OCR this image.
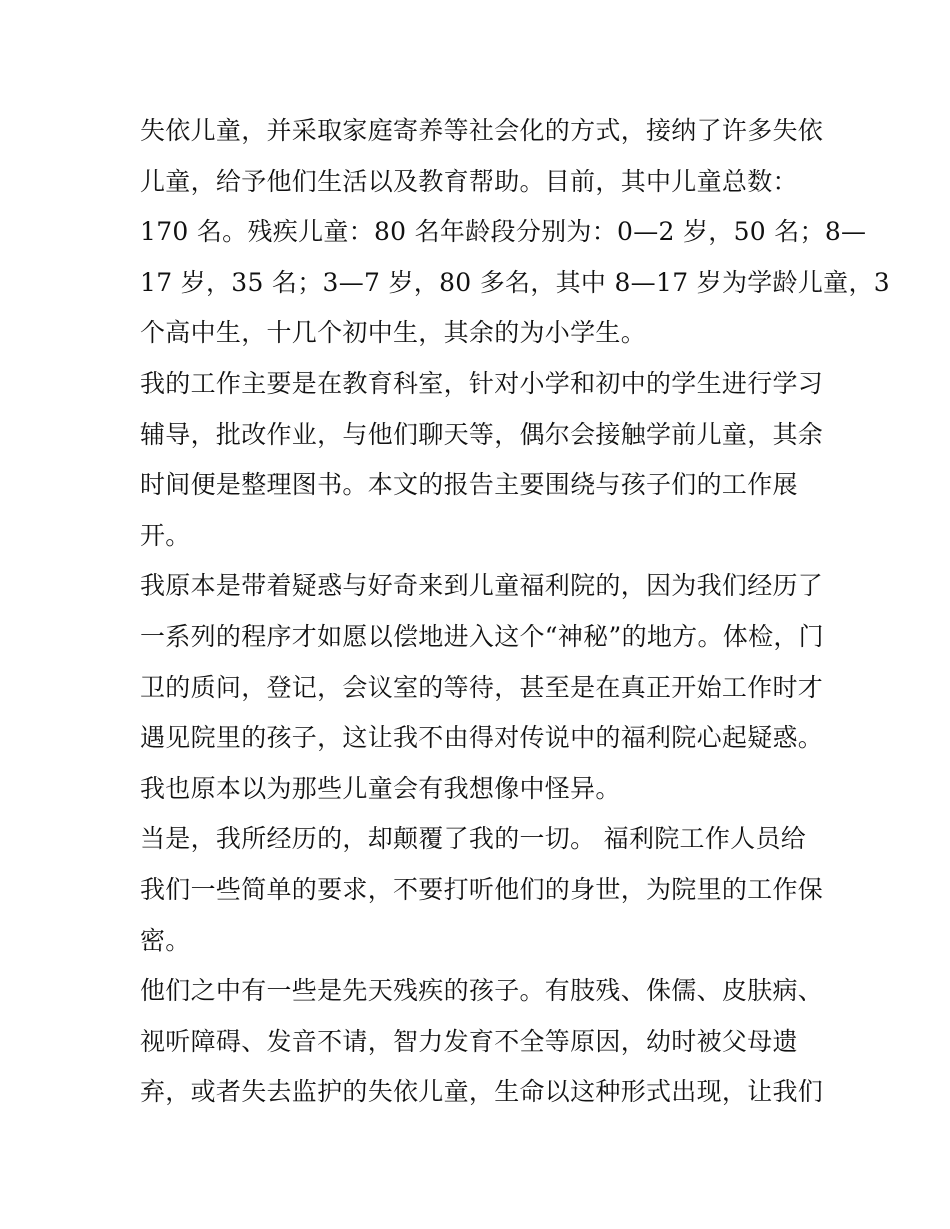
失依儿童，并采取家庭寄养等社会化的方式，接纳了许多失依
儿童，给予他们生活以及教育帮助。目前，其中儿童总数：
170 名。残疾儿童：80 名年龄段分别为：0—2 岁，50 名；8—
17 岁，35 名；3—7 岁，80 多名，其中 8—17 岁为学龄儿童，3
个高中生，十几个初中生，其余的为小学生。
我的工作主要是在教育科室，针对小学和初中的学生进行学习
辅导，批改作业，与他们聊天等，偶尔会接触学前儿童，其余
时间便是整理图书。本文的报告主要围绕与孩子们的工作展
开。
我原本是带着疑惑与好奇来到儿童福利院的，因为我们经历了
一系列的程序才如愿以偿地进入这个“神秘”的地方。体检，门
卫的质问，登记，会议室的等待，甚至是在真正开始工作时才
遇见院里的孩子，这让我不由得对传说中的福利院心起疑惑。
我也原本以为那些儿童会有我想像中怪异。
当是，我所经历的，却颠覆了我的一切。 福利院工作人员给
我们一些简单的要求，不要打听他们的身世，为院里的工作保
密。
他们之中有一些是先天残疾的孩子。有肢残、侏儒、皮肤病、
视听障碍、发音不请，智力发育不全等原因，幼时被父母遗
弃，或者失去监护的失依儿童，生命以这种形式出现，让我们
